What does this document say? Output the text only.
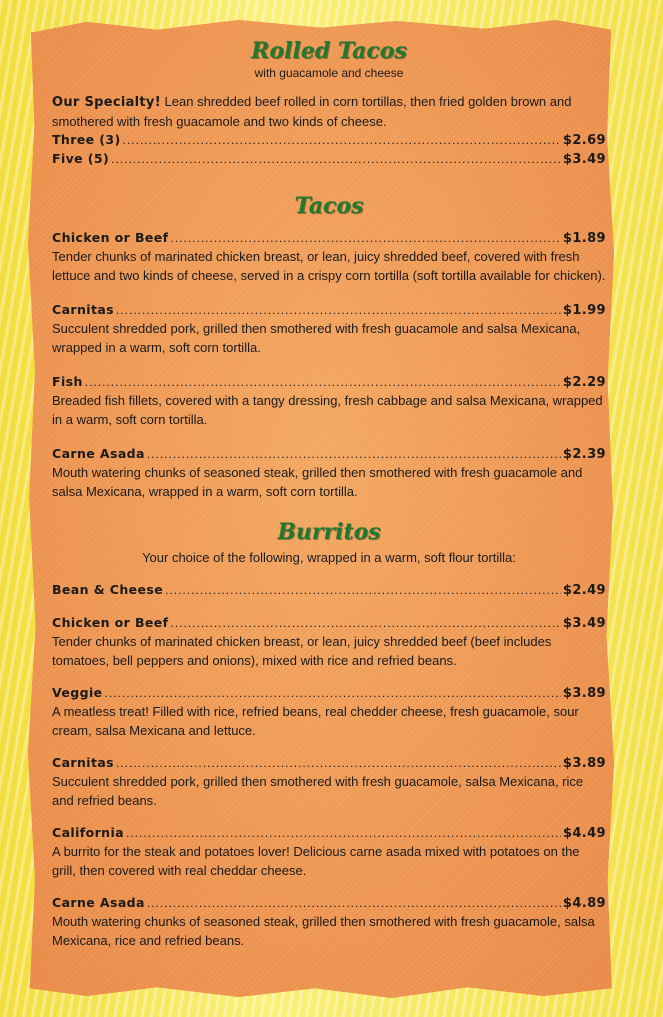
Rolled Tacos

with guacamole and cheese

Our Specialty! Lean shredded beef rolled in corn tortillas, then fried golden brown and smothered with fresh guacamole and two kinds of cheese.

Three (3) .....	$2.69
Five (5) .....	$3.49
Tacos
Chicken or Beef .....	$1.89

Tender chunks of marinated chicken breast, or lean, juicy shredded beef, covered with fresh lettuce and two kinds of cheese, served in a crispy corn tortilla (soft tortilla available for chicken).

Carnitas .....	$1.99

Succulent shredded pork, grilled then smothered with fresh guacamole and salsa Mexicana, wrapped in a warm, soft corn tortilla.

Fish .....	$2.29

Breaded fish fillets, covered with a tangy dressing, fresh cabbage and salsa Mexicana, wrapped in a warm, soft corn tortilla.

Carne Asada .....	$2.39

Mouth watering chunks of seasoned steak, grilled then smothered with fresh guacamole and salsa Mexicana, wrapped in a warm, soft corn tortilla.

Burritos

Your choice of the following, wrapped in a warm, soft flour tortilla:

Bean & Cheese .....	$2.49
Chicken or Beef .....	$3.49

Tender chunks of marinated chicken breast, or lean, juicy shredded beef (beef includes tomatoes, bell peppers and onions), mixed with rice and refried beans.

Veggie .....	$3.89

A meatless treat! Filled with rice, refried beans, real chedder cheese, fresh guacamole, sour cream, salsa Mexicana and lettuce.

Carnitas .....	$3.89

Succulent shredded pork, grilled then smothered with fresh guacamole, salsa Mexicana, rice and refried beans.

California .....	$4.49

A burrito for the steak and potatoes lover! Delicious carne asada mixed with potatoes on the grill, then covered with real cheddar cheese.

Carne Asada .....	$4.89

Mouth watering chunks of seasoned steak, grilled then smothered with fresh guacamole, salsa Mexicana, rice and refried beans.
